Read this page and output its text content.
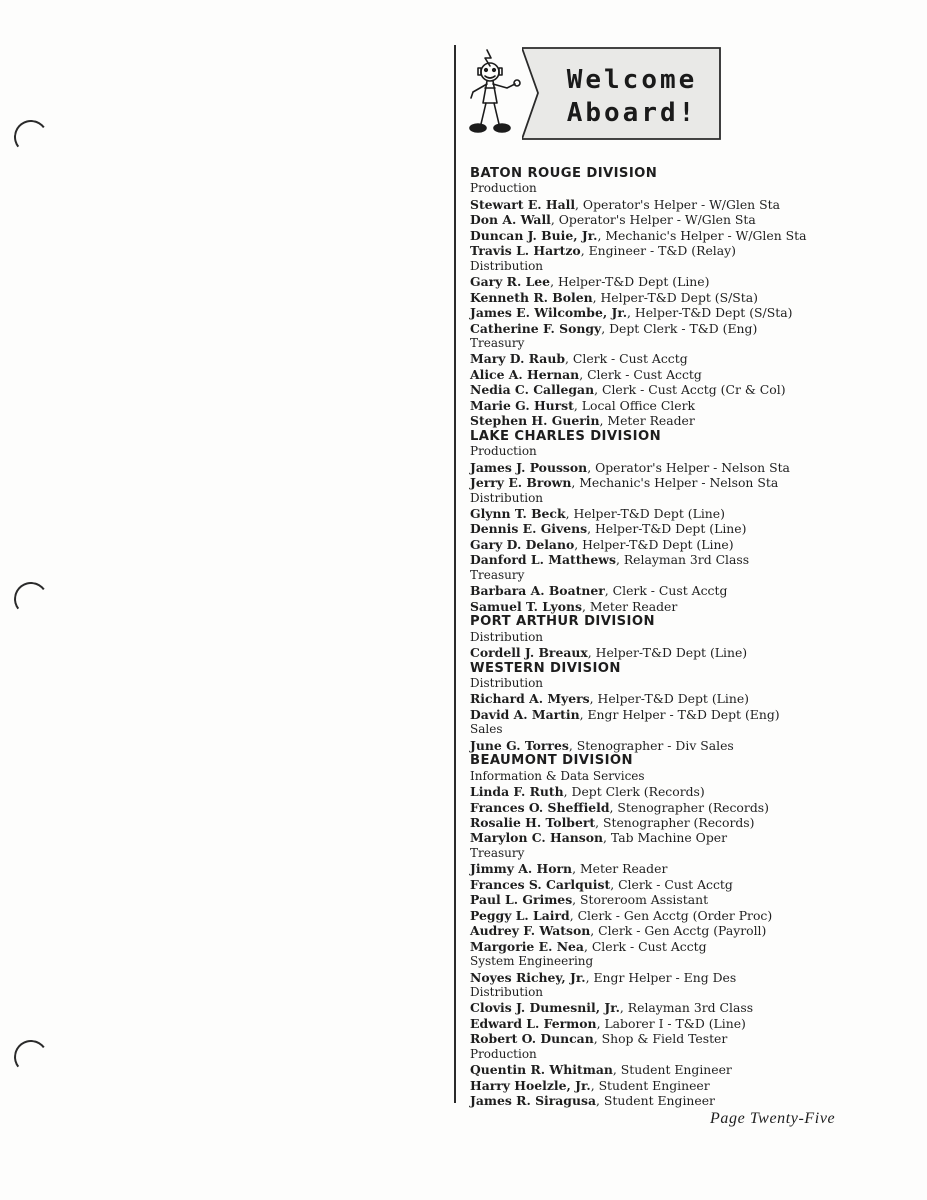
Welcome
Aboard!
BATON ROUGE DIVISION
Production
Stewart E. Hall, Operator's Helper - W/Glen Sta
Don A. Wall, Operator's Helper - W/Glen Sta
Duncan J. Buie, Jr., Mechanic's Helper - W/Glen Sta
Travis L. Hartzo, Engineer - T&D (Relay)
Distribution
Gary R. Lee, Helper-T&D Dept (Line)
Kenneth R. Bolen, Helper-T&D Dept (S/Sta)
James E. Wilcombe, Jr., Helper-T&D Dept (S/Sta)
Catherine F. Songy, Dept Clerk - T&D (Eng)
Treasury
Mary D. Raub, Clerk - Cust Acctg
Alice A. Hernan, Clerk - Cust Acctg
Nedia C. Callegan, Clerk - Cust Acctg (Cr & Col)
Marie G. Hurst, Local Office Clerk
Stephen H. Guerin, Meter Reader
LAKE CHARLES DIVISION
Production
James J. Pousson, Operator's Helper - Nelson Sta
Jerry E. Brown, Mechanic's Helper - Nelson Sta
Distribution
Glynn T. Beck, Helper-T&D Dept (Line)
Dennis E. Givens, Helper-T&D Dept (Line)
Gary D. Delano, Helper-T&D Dept (Line)
Danford L. Matthews, Relayman 3rd Class
Treasury
Barbara A. Boatner, Clerk - Cust Acctg
Samuel T. Lyons, Meter Reader
PORT ARTHUR DIVISION
Distribution
Cordell J. Breaux, Helper-T&D Dept (Line)
WESTERN DIVISION
Distribution
Richard A. Myers, Helper-T&D Dept (Line)
David A. Martin, Engr Helper - T&D Dept (Eng)
Sales
June G. Torres, Stenographer - Div Sales
BEAUMONT DIVISION
Information & Data Services
Linda F. Ruth, Dept Clerk (Records)
Frances O. Sheffield, Stenographer (Records)
Rosalie H. Tolbert, Stenographer (Records)
Marylon C. Hanson, Tab Machine Oper
Treasury
Jimmy A. Horn, Meter Reader
Frances S. Carlquist, Clerk - Cust Acctg
Paul L. Grimes, Storeroom Assistant
Peggy L. Laird, Clerk - Gen Acctg (Order Proc)
Audrey F. Watson, Clerk - Gen Acctg (Payroll)
Margorie E. Nea, Clerk - Cust Acctg
System Engineering
Noyes Richey, Jr., Engr Helper - Eng Des
Distribution
Clovis J. Dumesnil, Jr., Relayman 3rd Class
Edward L. Fermon, Laborer I - T&D (Line)
Robert O. Duncan, Shop & Field Tester
Production
Quentin R. Whitman, Student Engineer
Harry Hoelzle, Jr., Student Engineer
James R. Siragusa, Student Engineer
Page Twenty-Five
